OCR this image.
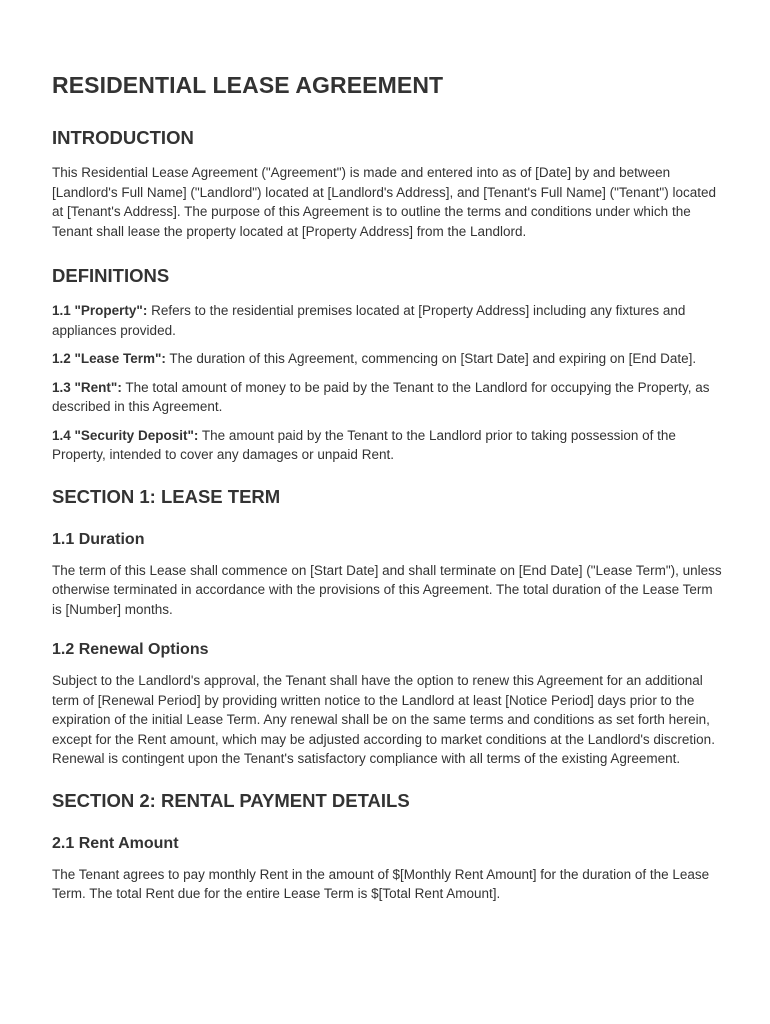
RESIDENTIAL LEASE AGREEMENT
INTRODUCTION

This Residential Lease Agreement ("Agreement") is made and entered into as of [Date] by and between [Landlord's Full Name] ("Landlord") located at [Landlord's Address], and [Tenant's Full Name] ("Tenant") located at [Tenant's Address]. The purpose of this Agreement is to outline the terms and conditions under which the Tenant shall lease the property located at [Property Address] from the Landlord.

DEFINITIONS

1.1 "Property": Refers to the residential premises located at [Property Address] including any fixtures and appliances provided.

1.2 "Lease Term": The duration of this Agreement, commencing on [Start Date] and expiring on [End Date].

1.3 "Rent": The total amount of money to be paid by the Tenant to the Landlord for occupying the Property, as described in this Agreement.

1.4 "Security Deposit": The amount paid by the Tenant to the Landlord prior to taking possession of the Property, intended to cover any damages or unpaid Rent.

SECTION 1: LEASE TERM
1.1 Duration

The term of this Lease shall commence on [Start Date] and shall terminate on [End Date] ("Lease Term"), unless otherwise terminated in accordance with the provisions of this Agreement. The total duration of the Lease Term is [Number] months.

1.2 Renewal Options

Subject to the Landlord's approval, the Tenant shall have the option to renew this Agreement for an additional term of [Renewal Period] by providing written notice to the Landlord at least [Notice Period] days prior to the expiration of the initial Lease Term. Any renewal shall be on the same terms and conditions as set forth herein, except for the Rent amount, which may be adjusted according to market conditions at the Landlord's discretion. Renewal is contingent upon the Tenant's satisfactory compliance with all terms of the existing Agreement.

SECTION 2: RENTAL PAYMENT DETAILS
2.1 Rent Amount

The Tenant agrees to pay monthly Rent in the amount of $[Monthly Rent Amount] for the duration of the Lease Term. The total Rent due for the entire Lease Term is $[Total Rent Amount].
